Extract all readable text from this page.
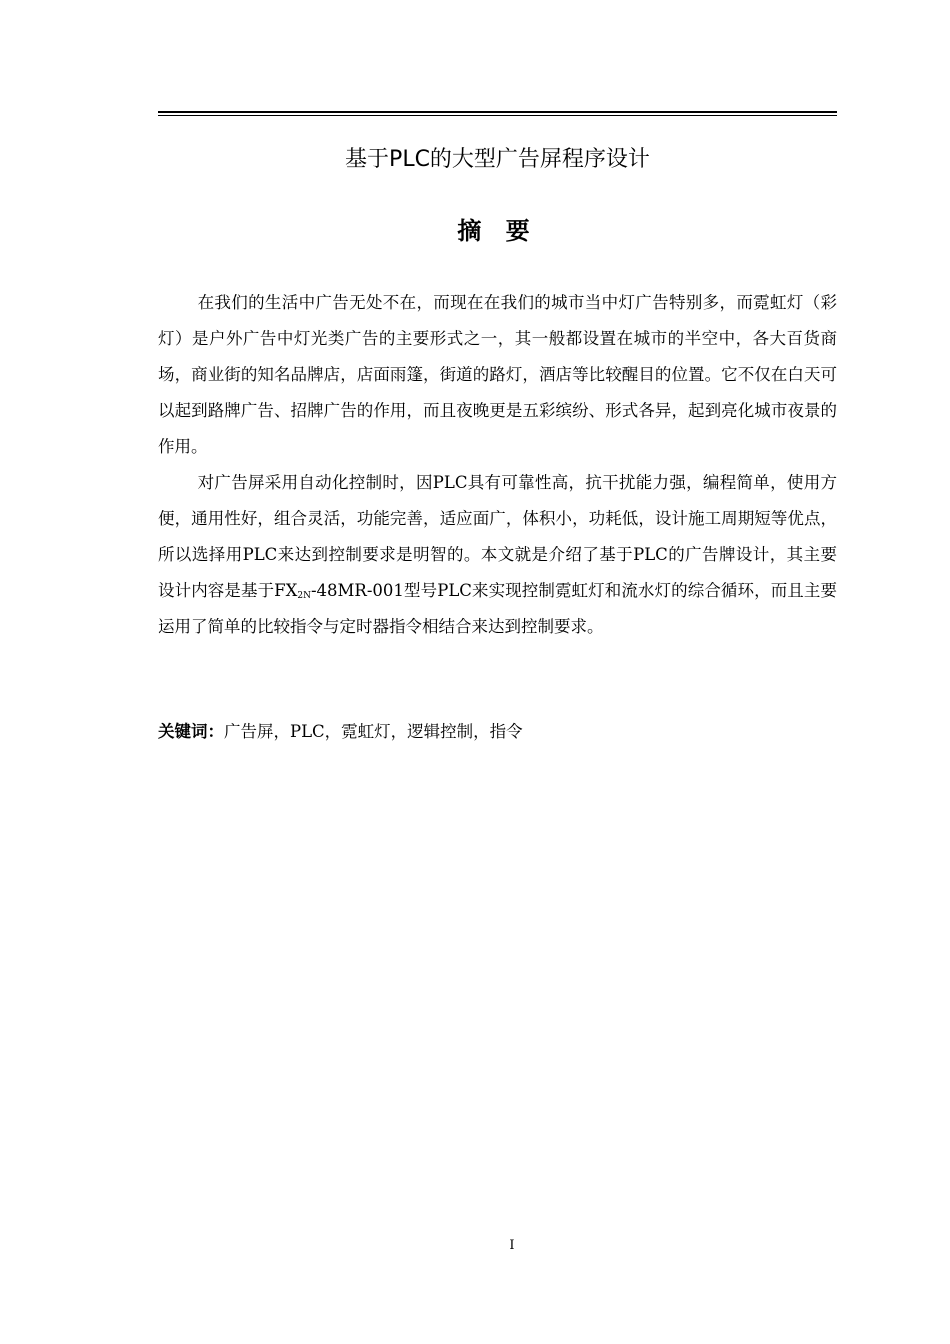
基于PLC的大型广告屏程序设计
摘 要

在我们的生活中广告无处不在，而现在在我们的城市当中灯广告特别多，而霓虹灯（彩灯）是户外广告中灯光类广告的主要形式之一，其一般都设置在城市的半空中，各大百货商场，商业街的知名品牌店，店面雨篷，街道的路灯，酒店等比较醒目的位置。它不仅在白天可以起到路牌广告、招牌广告的作用，而且夜晚更是五彩缤纷、形式各异，起到亮化城市夜景的作用。

对广告屏采用自动化控制时，因PLC具有可靠性高，抗干扰能力强，编程简单，使用方便，通用性好，组合灵活，功能完善，适应面广，体积小，功耗低，设计施工周期短等优点，所以选择用PLC来达到控制要求是明智的。本文就是介绍了基于PLC的广告牌设计，其主要设计内容是基于$FX_{2N}-48MR-001$型号PLC来实现控制霓虹灯和流水灯的综合循环，而且主要运用了简单的比较指令与定时器指令相结合来达到控制要求。

关键词：广告屏，PLC，霓虹灯，逻辑控制，指令
I
